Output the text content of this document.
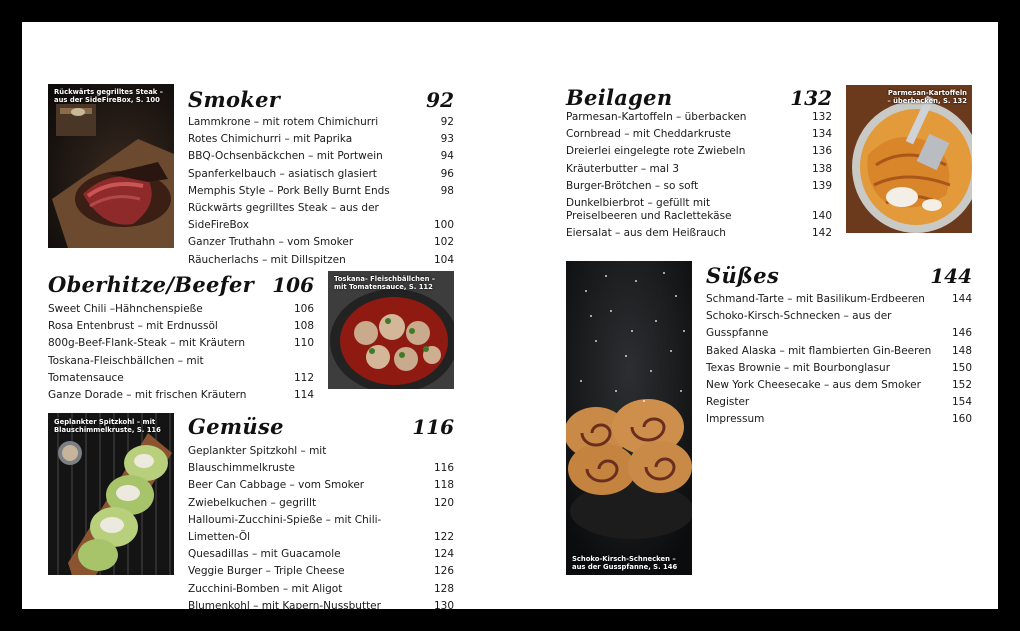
Rückwärts gegrilltes Steak – aus der SideFireBox, S. 100 Smoker	92
Lammkrone – mit rotem Chimichurri	92
Rotes Chimichurri – mit Paprika	93
BBQ-Ochsenbäckchen – mit Portwein	94
Spanferkelbauch – asiatisch glasiert	96
Memphis Style – Pork Belly Burnt Ends	98
Rückwärts gegrilltes Steak – aus der SideFireBox	100
Ganzer Truthahn – vom Smoker	102
Räucherlachs – mit Dillspitzen	104
Oberhitze/Beefer 106
Sweet Chili –Hähnchenspieße	106
Rosa Entenbrust – mit Erdnussöl	108
800g-Beef-Flank-Steak – mit Kräutern	110
Toskana-Fleischbällchen – mit Tomatensauce	112
Ganze Dorade – mit frischen Kräutern	114
Toskana- Fleischbällchen – mit Tomatensauce, S. 112
Geplankter Spitzkohl – mit Blauschimmelkruste, S. 116 Gemüse	116
Geplankter Spitzkohl – mit Blauschimmelkruste	116
Beer Can Cabbage – vom Smoker	118
Zwiebelkuchen – gegrillt	120
Halloumi-Zucchini-Spieße – mit Chili-Limetten-Öl	122
Quesadillas – mit Guacamole	124
Veggie Burger – Triple Cheese	126
Zucchini-Bomben – mit Aligot	128
Blumenkohl – mit Kapern-Nussbutter	130
Beilagen	132
Parmesan-Kartoffeln – überbacken	132
Cornbread – mit Cheddarkruste	134
Dreierlei eingelegte rote Zwiebeln	136
Kräuterbutter – mal 3	138
Burger-Brötchen – so soft	139
Dunkelbierbrot – gefüllt mit Preiselbeeren und Raclettekäse	140
Eiersalat – aus dem Heißrauch	142
Parmesan-Kartoffeln – überbacken, S. 132
Schoko-Kirsch-Schnecken – aus der Gusspfanne, S. 146
Süßes	144
Schmand-Tarte – mit Basilikum-Erdbeeren	144
Schoko-Kirsch-Schnecken – aus der Gusspfanne	146
Baked Alaska – mit flambierten Gin-Beeren	148
Texas Brownie – mit Bourbonglasur	150
New York Cheesecake – aus dem Smoker	152
Register	154
Impressum	160
